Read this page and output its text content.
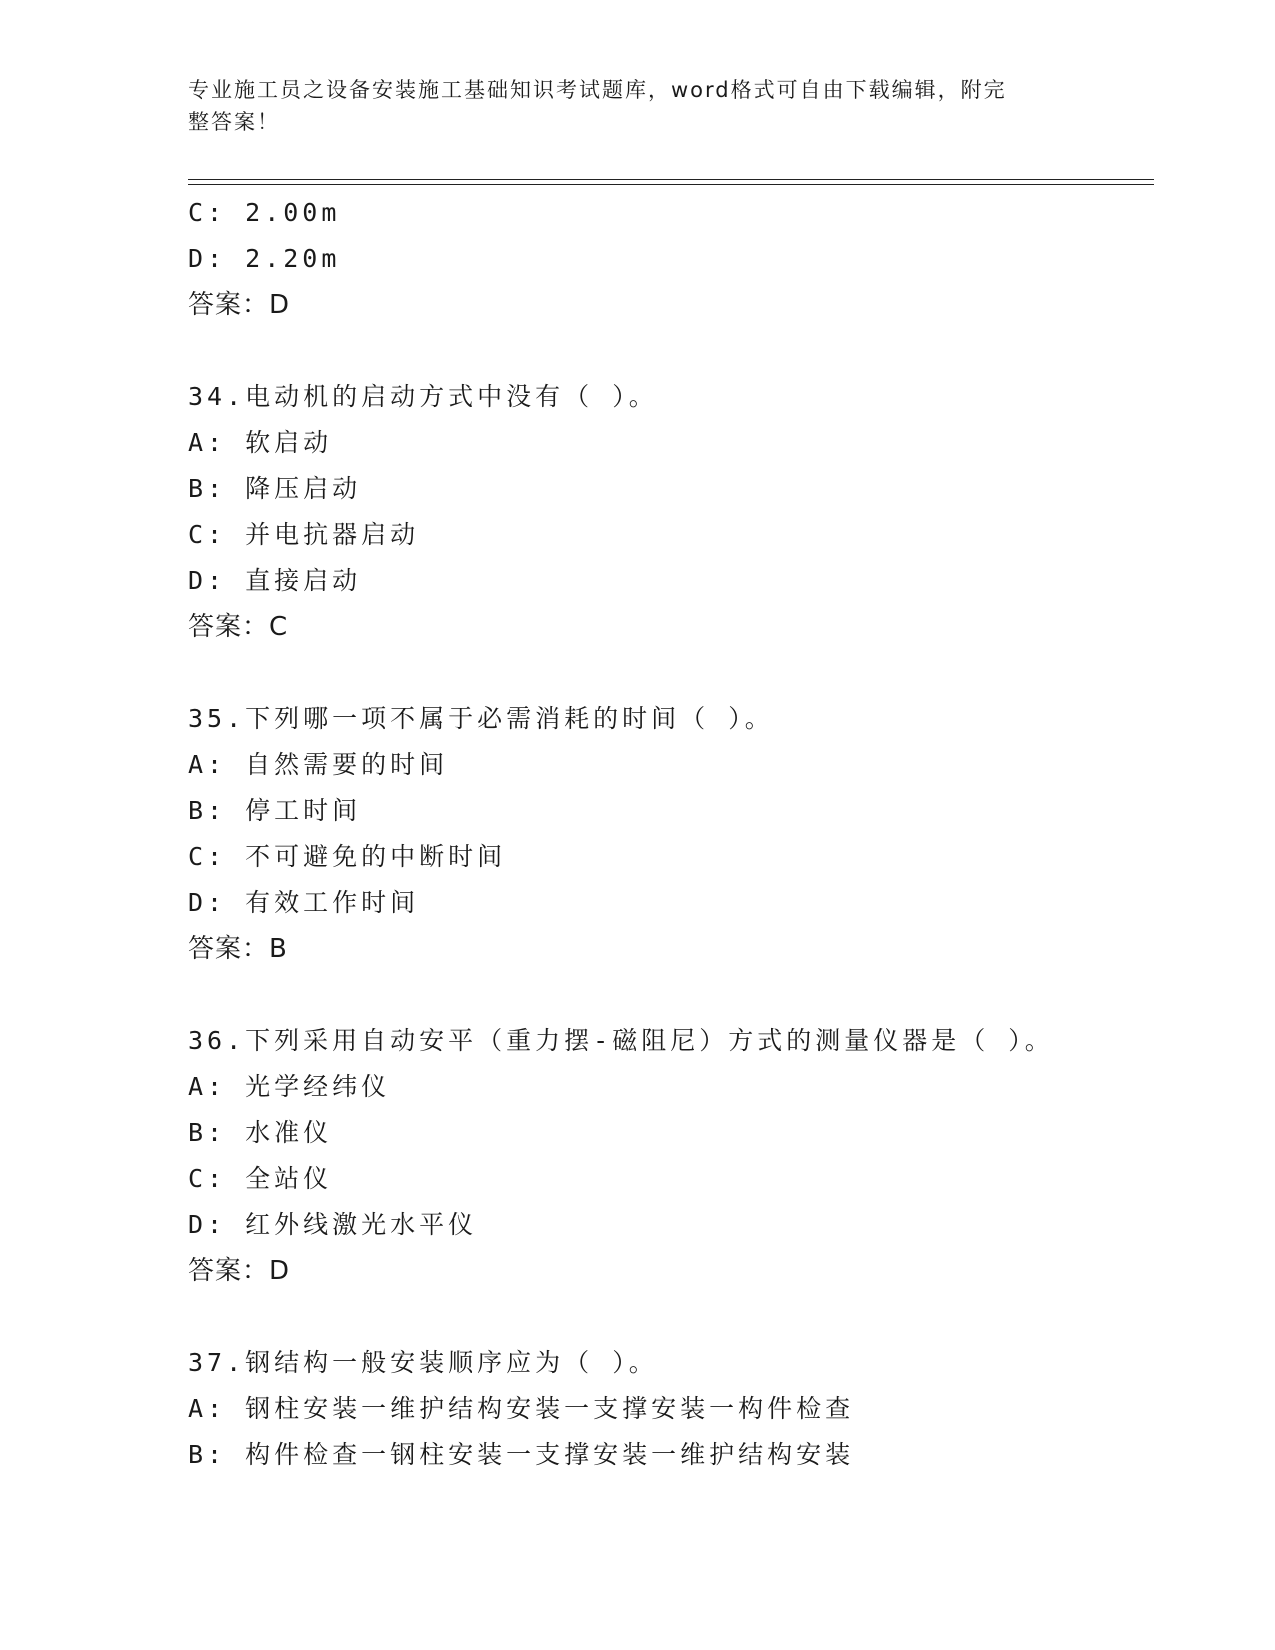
专业施工员之设备安装施工基础知识考试题库，word格式可自由下载编辑，附完
整答案！
C: 2.00m
D: 2.20m
答案：D
34.电动机的启动方式中没有（ ）。
A: 软启动
B: 降压启动
C: 并电抗器启动
D: 直接启动
答案：C
35.下列哪一项不属于必需消耗的时间（ ）。
A: 自然需要的时间
B: 停工时间
C: 不可避免的中断时间
D: 有效工作时间
答案：B
36.下列采用自动安平（重力摆-磁阻尼）方式的测量仪器是（ ）。
A: 光学经纬仪
B: 水准仪
C: 全站仪
D: 红外线激光水平仪
答案：D
37.钢结构一般安装顺序应为（ ）。
A: 钢柱安装一维护结构安装一支撑安装一构件检查
B: 构件检查一钢柱安装一支撑安装一维护结构安装
